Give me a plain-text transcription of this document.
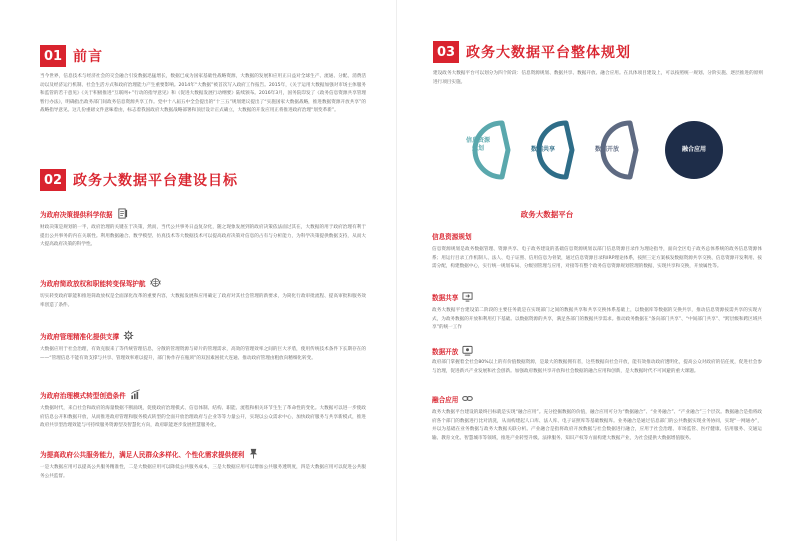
01 前言
当今世界，信息技术与经济社会的交会融合引发数据迅猛增长，数据已成为国家基础性战略资源，大数据的发展和应用正日益对全球生产、流通、分配、消费活动以及经济运行机制、社会生活方式和政府治理能力产生重要影响。2014年“大数据”被首次写入政府工作报告。2015年，《关于运用大数据加强对市场主体服务和监管的若干意见》《关于积极推进“互联网+”行动的指导意见》和《促进大数据发展行动纲要》陆续颁布。2016年3月，国务院印发了《政务信息资源共享管理暂行办法》，明确指出政务部门间政务信息资源共享工作。党中十八届五中全会提出的“十三五”规划建议提出了“实施国家大数据战略，推进数据资源开放共享”的战略指导意见。这几份重磅文件意味着由，标志着我国政府大数据战略部署和顶层设计正式确立，大数据的开发应用正将推进政府治理“划变革新”。
02 政务大数据平台建设目标
为政府决策提供科学依据
财政决策是规划的一半，政府治理的关键在于决策，然而，当代公共事务日益复杂化，随之现象发展到的政府决策依法面过其在，大数据的用于政府治理有利于提出公共事务的内在关联性。利用数据融合、数学模型、仿真技术等大数据技术可以提高政府决策对信息的占有与分析能力，为科学决策提供数据支持，从而大大提高政府决策的科学性。
为政府简政放权和职能转变保驾护航
切实转变政府职能和推进简政放权是全面深化改革的重要内容，大数据发展和应用确定了政府对其社会管理的新要求，为简化行政审批流程、提高审批和服务效率创造了条件。
为政府管理精准化提供支撑
大数据应用于社会治理，有效克服来了等传统管理信息，分散的管理资源与碎片的管理需求，高效的管理效率之间的巨大矛盾，使用传统技术条件下长期存在的——“管理信息不能有效支撑与共享、管理效率难以提升，部门协作存在瓶颈”的双因素困扰大连通、推动政府管理由粗放向精细化转变。
为政府治理模式转型创造条件
大数据时代，来自社会和政府的海量数据不断涌现，促使政府治理模式、信息体制、结构、职能、流程和相关环节生生了革命性的变化。大数据可以进一步使政府信息公开和数据开放，从而推进政府管理和服务模式转型的全面开放治理政府与企业等等力量公开，实现以公众需求中心，加快政府服务与共享新模式，推进政府共享型治理效能与可持续服务资源型及智慧化方向，政府职能逐步发展智慧服务化。
为提高政府公共服务能力，满足人民群众多样化、个性化需求提供便利
一是大数据应用可以提高公共服务精准性，二是大数据应用可以降低公共服务成本，三是大数据应用可以增加公共服务透明度，四是大数据应用可以促进公共服务公共监督。
03 政务大数据平台整体规划
建设政务大数据平台可以划分为四个阶段：信息资源规划、数据共享、数据开放、融合应用。在具体项目建设上，可以按照统一规划、分阶实施、逐层推进的原则进行项目实施。
信息资源
规划	数据共享	数据开放	融合应用
政务大数据平台
信息资源规划
信息资源规划是政务数据管理、资源共享、电子政务建设的基础信息资源规划以部门信息资源目录作为理论指导，面向全区电子政务总体系统的政务信息资源体系；用运行目录工作机制人、法人、电子证照、信用信息为骨架，通过信息资源目录和IRP理论体系，按照三定方案核发数据资源共享交换、信息资源开发利用、按需分配，构建数据中心，实行统一规划布局、分级别管理与应用，对接等有整个政务信息资源规划管理的数据，实现共享和交换，开放属性等。
数据共享
政务大数据平台建设第二阶段的主要任务就是在实现部门之间的数据共享和共享交换体系基础上，以数据库等数据的交换共享，推动信息资源按需共享的实现方式，为政务数据的开放和利用打下基础。以数据资源的共享，满足各部门的数据共享需求。推动政务数据在“条向部门共享”、“中间部门共享”、“跨层级和跨区域共享”的统一工作
数据开放
政府部门掌握着全社会80%以上的有价值数据资源，是最大的数据拥有者，这些数据向社会开放，能有效推动政府透明化，提高公众对政府的信任度，促进社会参与治理，促进新兴产业发展和社会创新。加强政府数据共享开放和社会数据的融合应用和创新，是大数据时代不可回避的重大课题。
融合应用
政务大数据平台建设的最终目标就是实现“融合应用”。充分挖掘数据的价值，融合应用可分为“数据融合”、“业务融合”、“产业融合”三个层次。数据融合是指将政府各个部门的数据进行比对清洗，从而构建起人口库、法人库、电子证照库等基础数据库。业务融合是通过信息部门的公共数据实现业务协同，实现“一网通办”，并以为基础在业务数据与政务大数据关联分析。产业融合是指将政府开放数据与社会数据进行融合，应用于社会治理、市场监管、医疗健康、信用服务、交通运输、教育文化、智慧城市等领域，推进产业转型升级。法律服务、知识产权等方面构建大数据产业，为社会提供大数据增值服务。
